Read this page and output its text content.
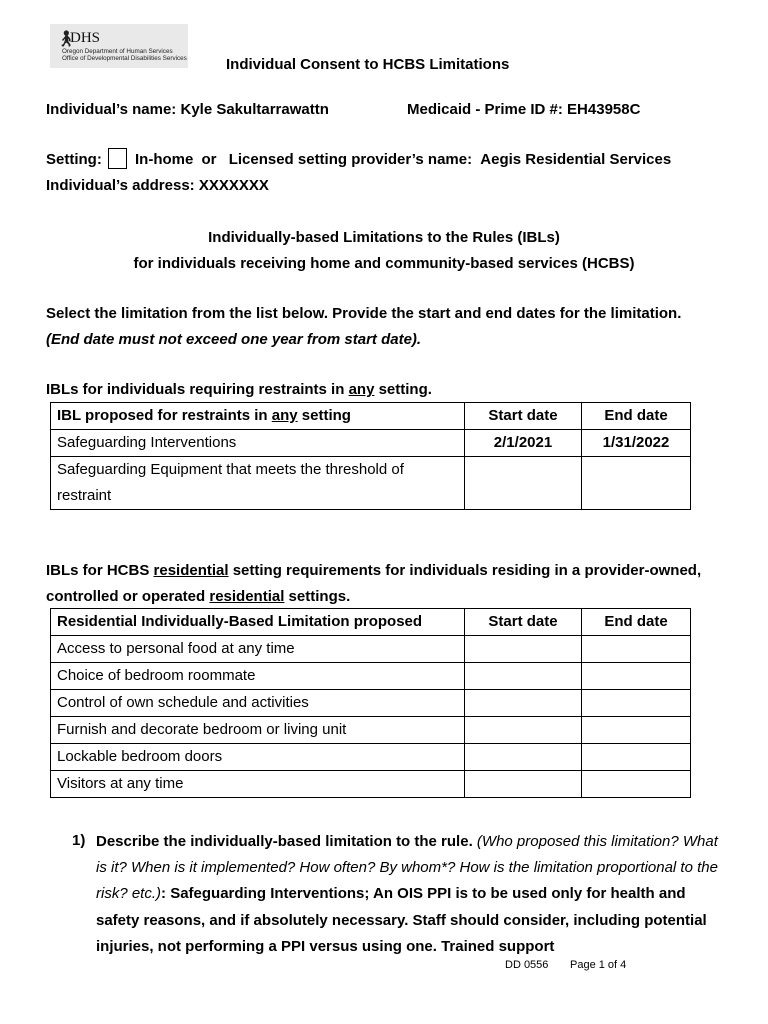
🚶︎
DHS
Oregon Department of Human Services
Office of Developmental Disabilities Services	Individual Consent to HCBS Limitations
Individual’s name: Kyle Sakultarrawattn	Medicaid - Prime ID #: EH43958C
Setting: In-home or Licensed setting provider’s name: Aegis Residential Services
Individual’s address: XXXXXXX
Individually-based Limitations to the Rules (IBLs)
for individuals receiving home and community-based services (HCBS)
Select the limitation from the list below. Provide the start and end dates for the limitation.
(End date must not exceed one year from start date).
IBLs for individuals requiring restraints in any setting.
IBL proposed for restraints in any setting	Start date	End date
Safeguarding Interventions	2/1/2021	1/31/2022
Safeguarding Equipment that meets the threshold of restraint		
IBLs for HCBS residential setting requirements for individuals residing in a provider-owned,
controlled or operated residential settings.
Residential Individually-Based Limitation proposed	Start date	End date
Access to personal food at any time		
Choice of bedroom roommate		
Control of own schedule and activities		
Furnish and decorate bedroom or living unit		
Lockable bedroom doors		
Visitors at any time		
1) Describe the individually-based limitation to the rule. (Who proposed this limitation? What is it? When is it implemented? How often? By whom*? How is the limitation proportional to the risk? etc.): Safeguarding Interventions; An OIS PPI is to be used only for health and safety reasons, and if absolutely necessary. Staff should consider, including potential injuries, not performing a PPI versus using one. Trained support
DD 0556 Page 1 of 4
